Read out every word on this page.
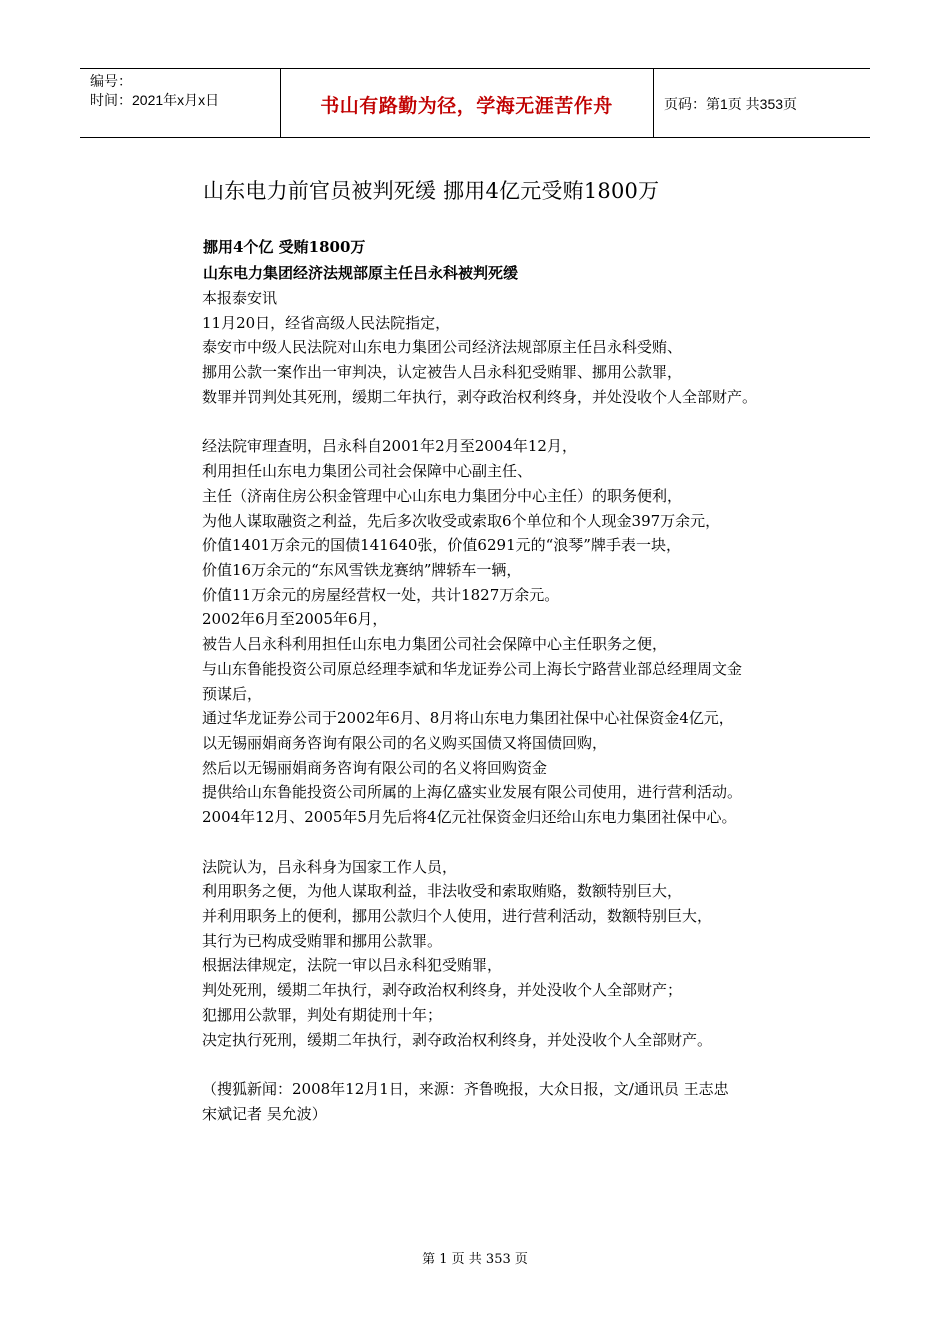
编号：
时间：2021年x月x日	书山有路勤为径，学海无涯苦作舟	页码：第1页 共353页
山东电力前官员被判死缓 挪用4亿元受贿1800万
挪用4个亿 受贿1800万
山东电力集团经济法规部原主任吕永科被判死缓
本报泰安讯
11月20日，经省高级人民法院指定，
泰安市中级人民法院对山东电力集团公司经济法规部原主任吕永科受贿、
挪用公款一案作出一审判决，认定被告人吕永科犯受贿罪、挪用公款罪，
数罪并罚判处其死刑，缓期二年执行，剥夺政治权利终身，并处没收个人全部财产。
经法院审理查明，吕永科自2001年2月至2004年12月，
利用担任山东电力集团公司社会保障中心副主任、
主任（济南住房公积金管理中心山东电力集团分中心主任）的职务便利，
为他人谋取融资之利益，先后多次收受或索取6个单位和个人现金397万余元，
价值1401万余元的国债141640张，价值6291元的“浪琴”牌手表一块，
价值16万余元的“东风雪铁龙赛纳”牌轿车一辆，
价值11万余元的房屋经营权一处，共计1827万余元。
2002年6月至2005年6月，
被告人吕永科利用担任山东电力集团公司社会保障中心主任职务之便，
与山东鲁能投资公司原总经理李斌和华龙证券公司上海长宁路营业部总经理周文金
预谋后，
通过华龙证券公司于2002年6月、8月将山东电力集团社保中心社保资金4亿元，
以无锡丽娟商务咨询有限公司的名义购买国债又将国债回购，
然后以无锡丽娟商务咨询有限公司的名义将回购资金
提供给山东鲁能投资公司所属的上海亿盛实业发展有限公司使用，进行营利活动。
2004年12月、2005年5月先后将4亿元社保资金归还给山东电力集团社保中心。
法院认为，吕永科身为国家工作人员，
利用职务之便，为他人谋取利益，非法收受和索取贿赂，数额特别巨大，
并利用职务上的便利，挪用公款归个人使用，进行营利活动，数额特别巨大，
其行为已构成受贿罪和挪用公款罪。
根据法律规定，法院一审以吕永科犯受贿罪，
判处死刑，缓期二年执行，剥夺政治权利终身，并处没收个人全部财产；
犯挪用公款罪，判处有期徒刑十年；
决定执行死刑，缓期二年执行，剥夺政治权利终身，并处没收个人全部财产。
（搜狐新闻：2008年12月1日，来源：齐鲁晚报，大众日报，文/通讯员 王志忠
宋斌记者 吴允波）
第 1 页 共 353 页
